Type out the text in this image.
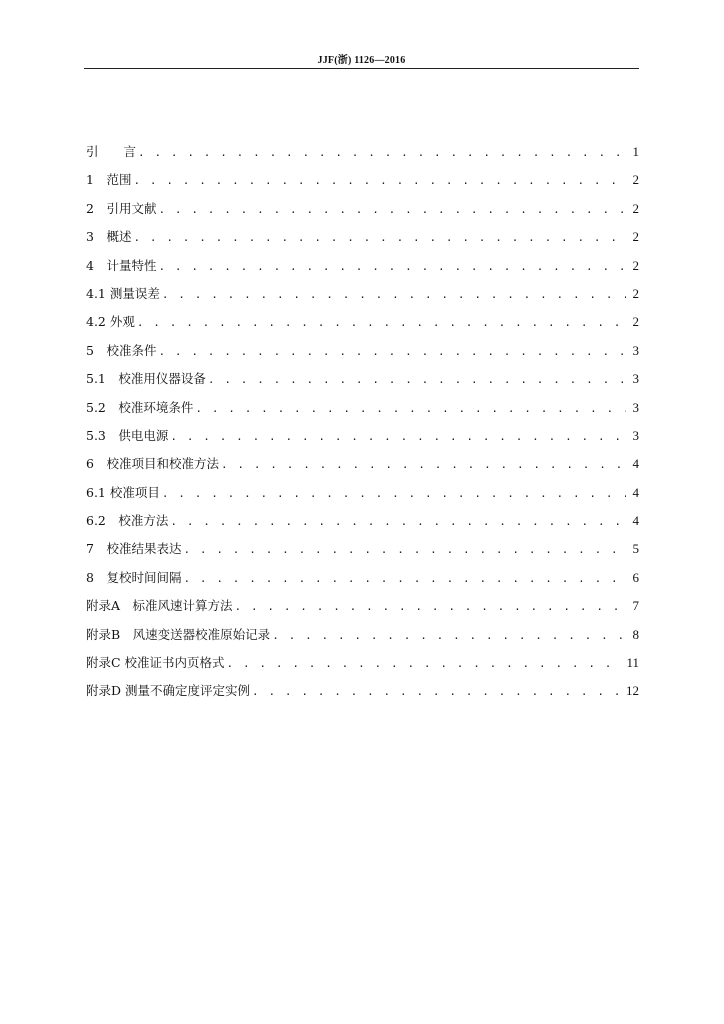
JJF(浙) 1126—2016
引　　言 . . .	1
1　范围 . . .	2
2　引用文献 . . .	2
3　概述 . . .	2
4　计量特性 . . .	2
4.1 测量误差 . . .	2
4.2 外观 . . .	2
5　校准条件 . . .	3
5.1　校准用仪器设备 . . .	3
5.2　校准环境条件 . . .	3
5.3　供电电源 . . .	3
6　校准项目和校准方法 . . .	4
6.1 校准项目 . . .	4
6.2　校准方法 . . .	4
7　校准结果表达 . . .	5
8　复校时间间隔 . . .	6
附录A　标准风速计算方法 . . .	7
附录B　风速变送器校准原始记录 . . .	8
附录C 校准证书内页格式 . . .	11
附录D 测量不确定度评定实例 . . .	12
